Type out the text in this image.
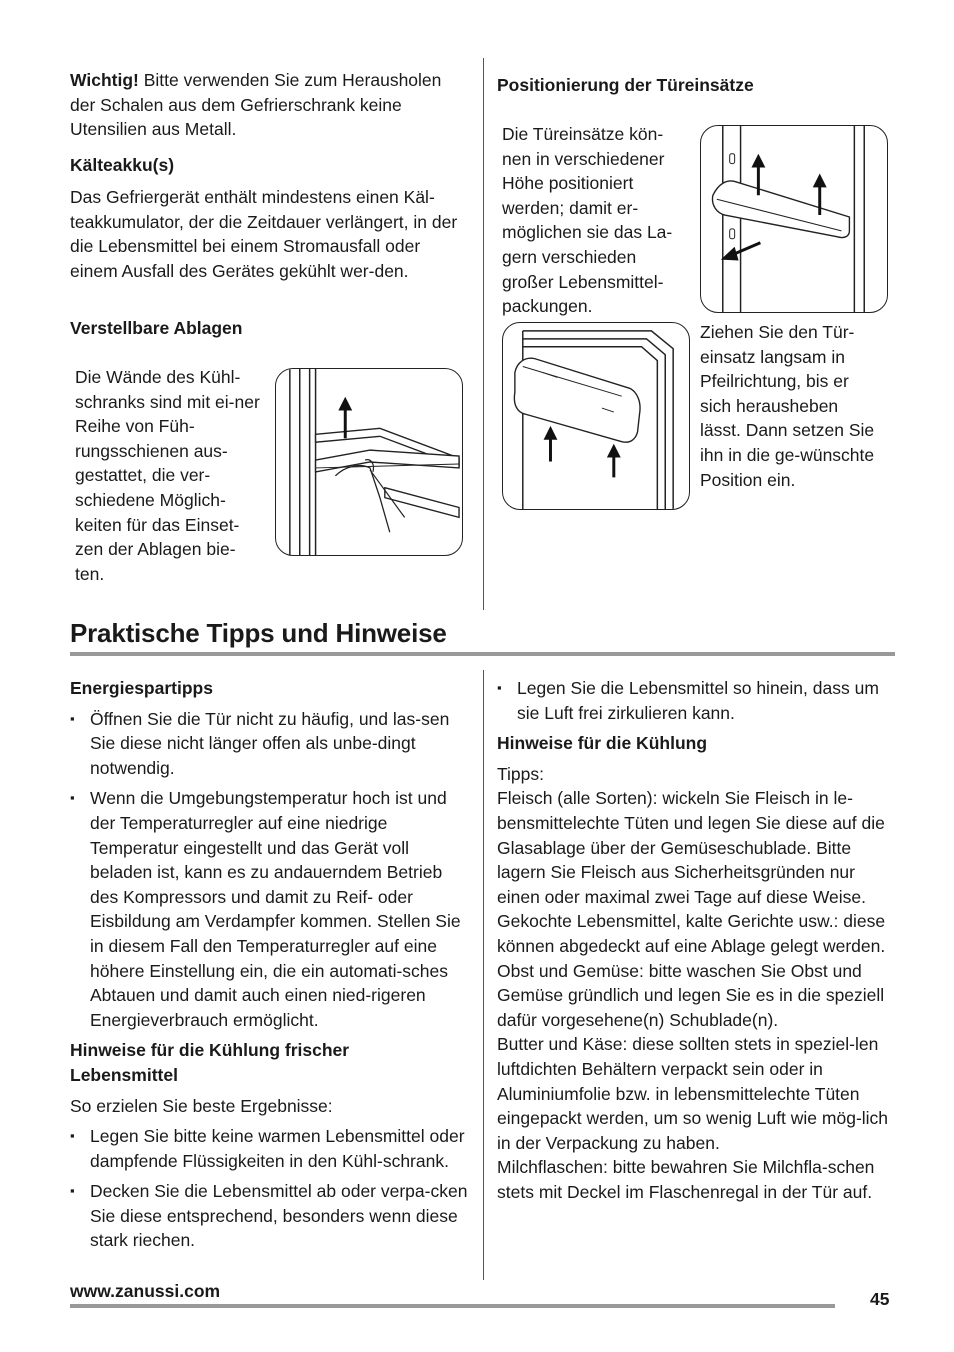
Wichtig! Bitte verwenden Sie zum Herausholen der Schalen aus dem Gefrierschrank keine Utensilien aus Metall.
Kälteakku(s)
Das Gefriergerät enthält mindestens einen Käl-teakkumulator, der die Zeitdauer verlängert, in der die Lebensmittel bei einem Stromausfall oder einem Ausfall des Gerätes gekühlt wer-den.
Verstellbare Ablagen
Die Wände des Kühl-schranks sind mit ei-ner Reihe von Füh-rungsschienen aus-gestattet, die ver-schiedene Möglich-keiten für das Einset-zen der Ablagen bie-ten.
Positionierung der Türeinsätze
Die Türeinsätze kön-nen in verschiedener Höhe positioniert werden; damit er-möglichen sie das La-gern verschieden großer Lebensmittel-packungen.
Ziehen Sie den Tür-einsatz langsam in Pfeilrichtung, bis er sich herausheben lässt. Dann setzen Sie ihn in die ge-wünschte Position ein.
Praktische Tipps und Hinweise
Energiespartipps
▪ Öffnen Sie die Tür nicht zu häufig, und las-sen Sie diese nicht länger offen als unbe-dingt notwendig.
▪ Wenn die Umgebungstemperatur hoch ist und der Temperaturregler auf eine niedrige Temperatur eingestellt und das Gerät voll beladen ist, kann es zu andauerndem Betrieb des Kompressors und damit zu Reif- oder Eisbildung am Verdampfer kommen. Stellen Sie in diesem Fall den Temperaturregler auf eine höhere Einstellung ein, die ein automati-sches Abtauen und damit auch einen nied-rigeren Energieverbrauch ermöglicht.
Hinweise für die Kühlung frischer Lebensmittel

So erzielen Sie beste Ergebnisse:

▪ Legen Sie bitte keine warmen Lebensmittel oder dampfende Flüssigkeiten in den Kühl-schrank.
▪ Decken Sie die Lebensmittel ab oder verpa-cken Sie diese entsprechend, besonders wenn diese stark riechen.
▪ Legen Sie die Lebensmittel so hinein, dass um sie Luft frei zirkulieren kann.
Hinweise für die Kühlung

Tipps:

Fleisch (alle Sorten): wickeln Sie Fleisch in le-bensmittelechte Tüten und legen Sie diese auf die Glasablage über der Gemüseschublade. Bitte lagern Sie Fleisch aus Sicherheitsgründen nur einen oder maximal zwei Tage auf diese Weise.

Gekochte Lebensmittel, kalte Gerichte usw.: diese können abgedeckt auf eine Ablage gelegt werden.

Obst und Gemüse: bitte waschen Sie Obst und Gemüse gründlich und legen Sie es in die speziell dafür vorgesehene(n) Schublade(n).

Butter und Käse: diese sollten stets in speziel-len luftdichten Behältern verpackt sein oder in Aluminiumfolie bzw. in lebensmittelechte Tüten eingepackt werden, um so wenig Luft wie mög-lich in der Verpackung zu haben.

Milchflaschen: bitte bewahren Sie Milchfla-schen stets mit Deckel im Flaschenregal in der Tür auf.

www.zanussi.com	45
